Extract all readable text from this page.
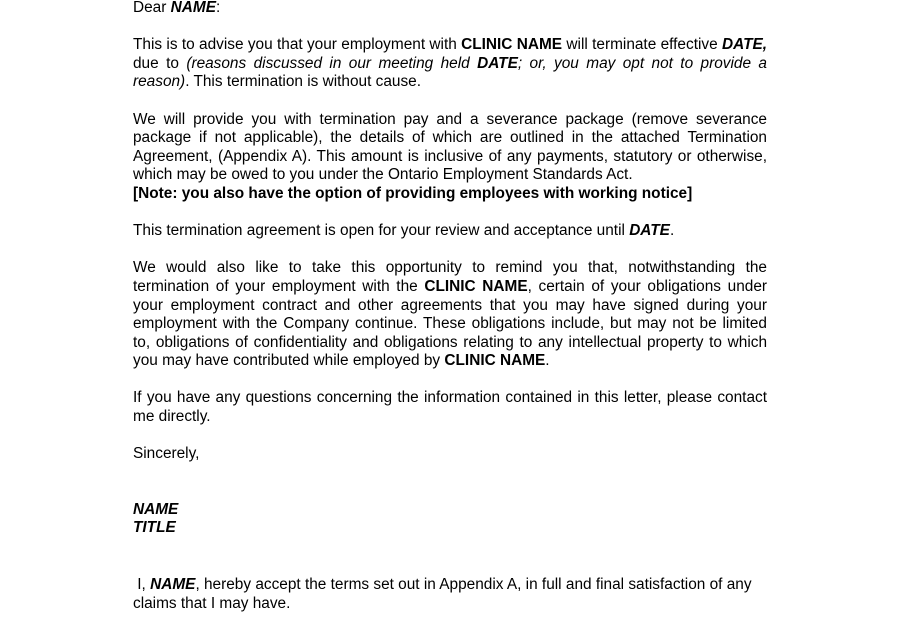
Dear NAME:

This is to advise you that your employment with CLINIC NAME will terminate effective DATE, due to (reasons discussed in our meeting held DATE; or, you may opt not to provide a reason). This termination is without cause.

We will provide you with termination pay and a severance package (remove severance package if not applicable), the details of which are outlined in the attached Termination Agreement, (Appendix A). This amount is inclusive of any payments, statutory or otherwise, which may be owed to you under the Ontario Employment Standards Act.

[Note: you also have the option of providing employees with working notice]

This termination agreement is open for your review and acceptance until DATE.

We would also like to take this opportunity to remind you that, notwithstanding the termination of your employment with the CLINIC NAME, certain of your obligations under your employment contract and other agreements that you may have signed during your employment with the Company continue. These obligations include, but may not be limited to, obligations of confidentiality and obligations relating to any intellectual property to which you may have contributed while employed by CLINIC NAME.

If you have any questions concerning the information contained in this letter, please contact me directly.

Sincerely,

NAME

TITLE

I, NAME, hereby accept the terms set out in Appendix A, in full and final satisfaction of any claims that I may have.
